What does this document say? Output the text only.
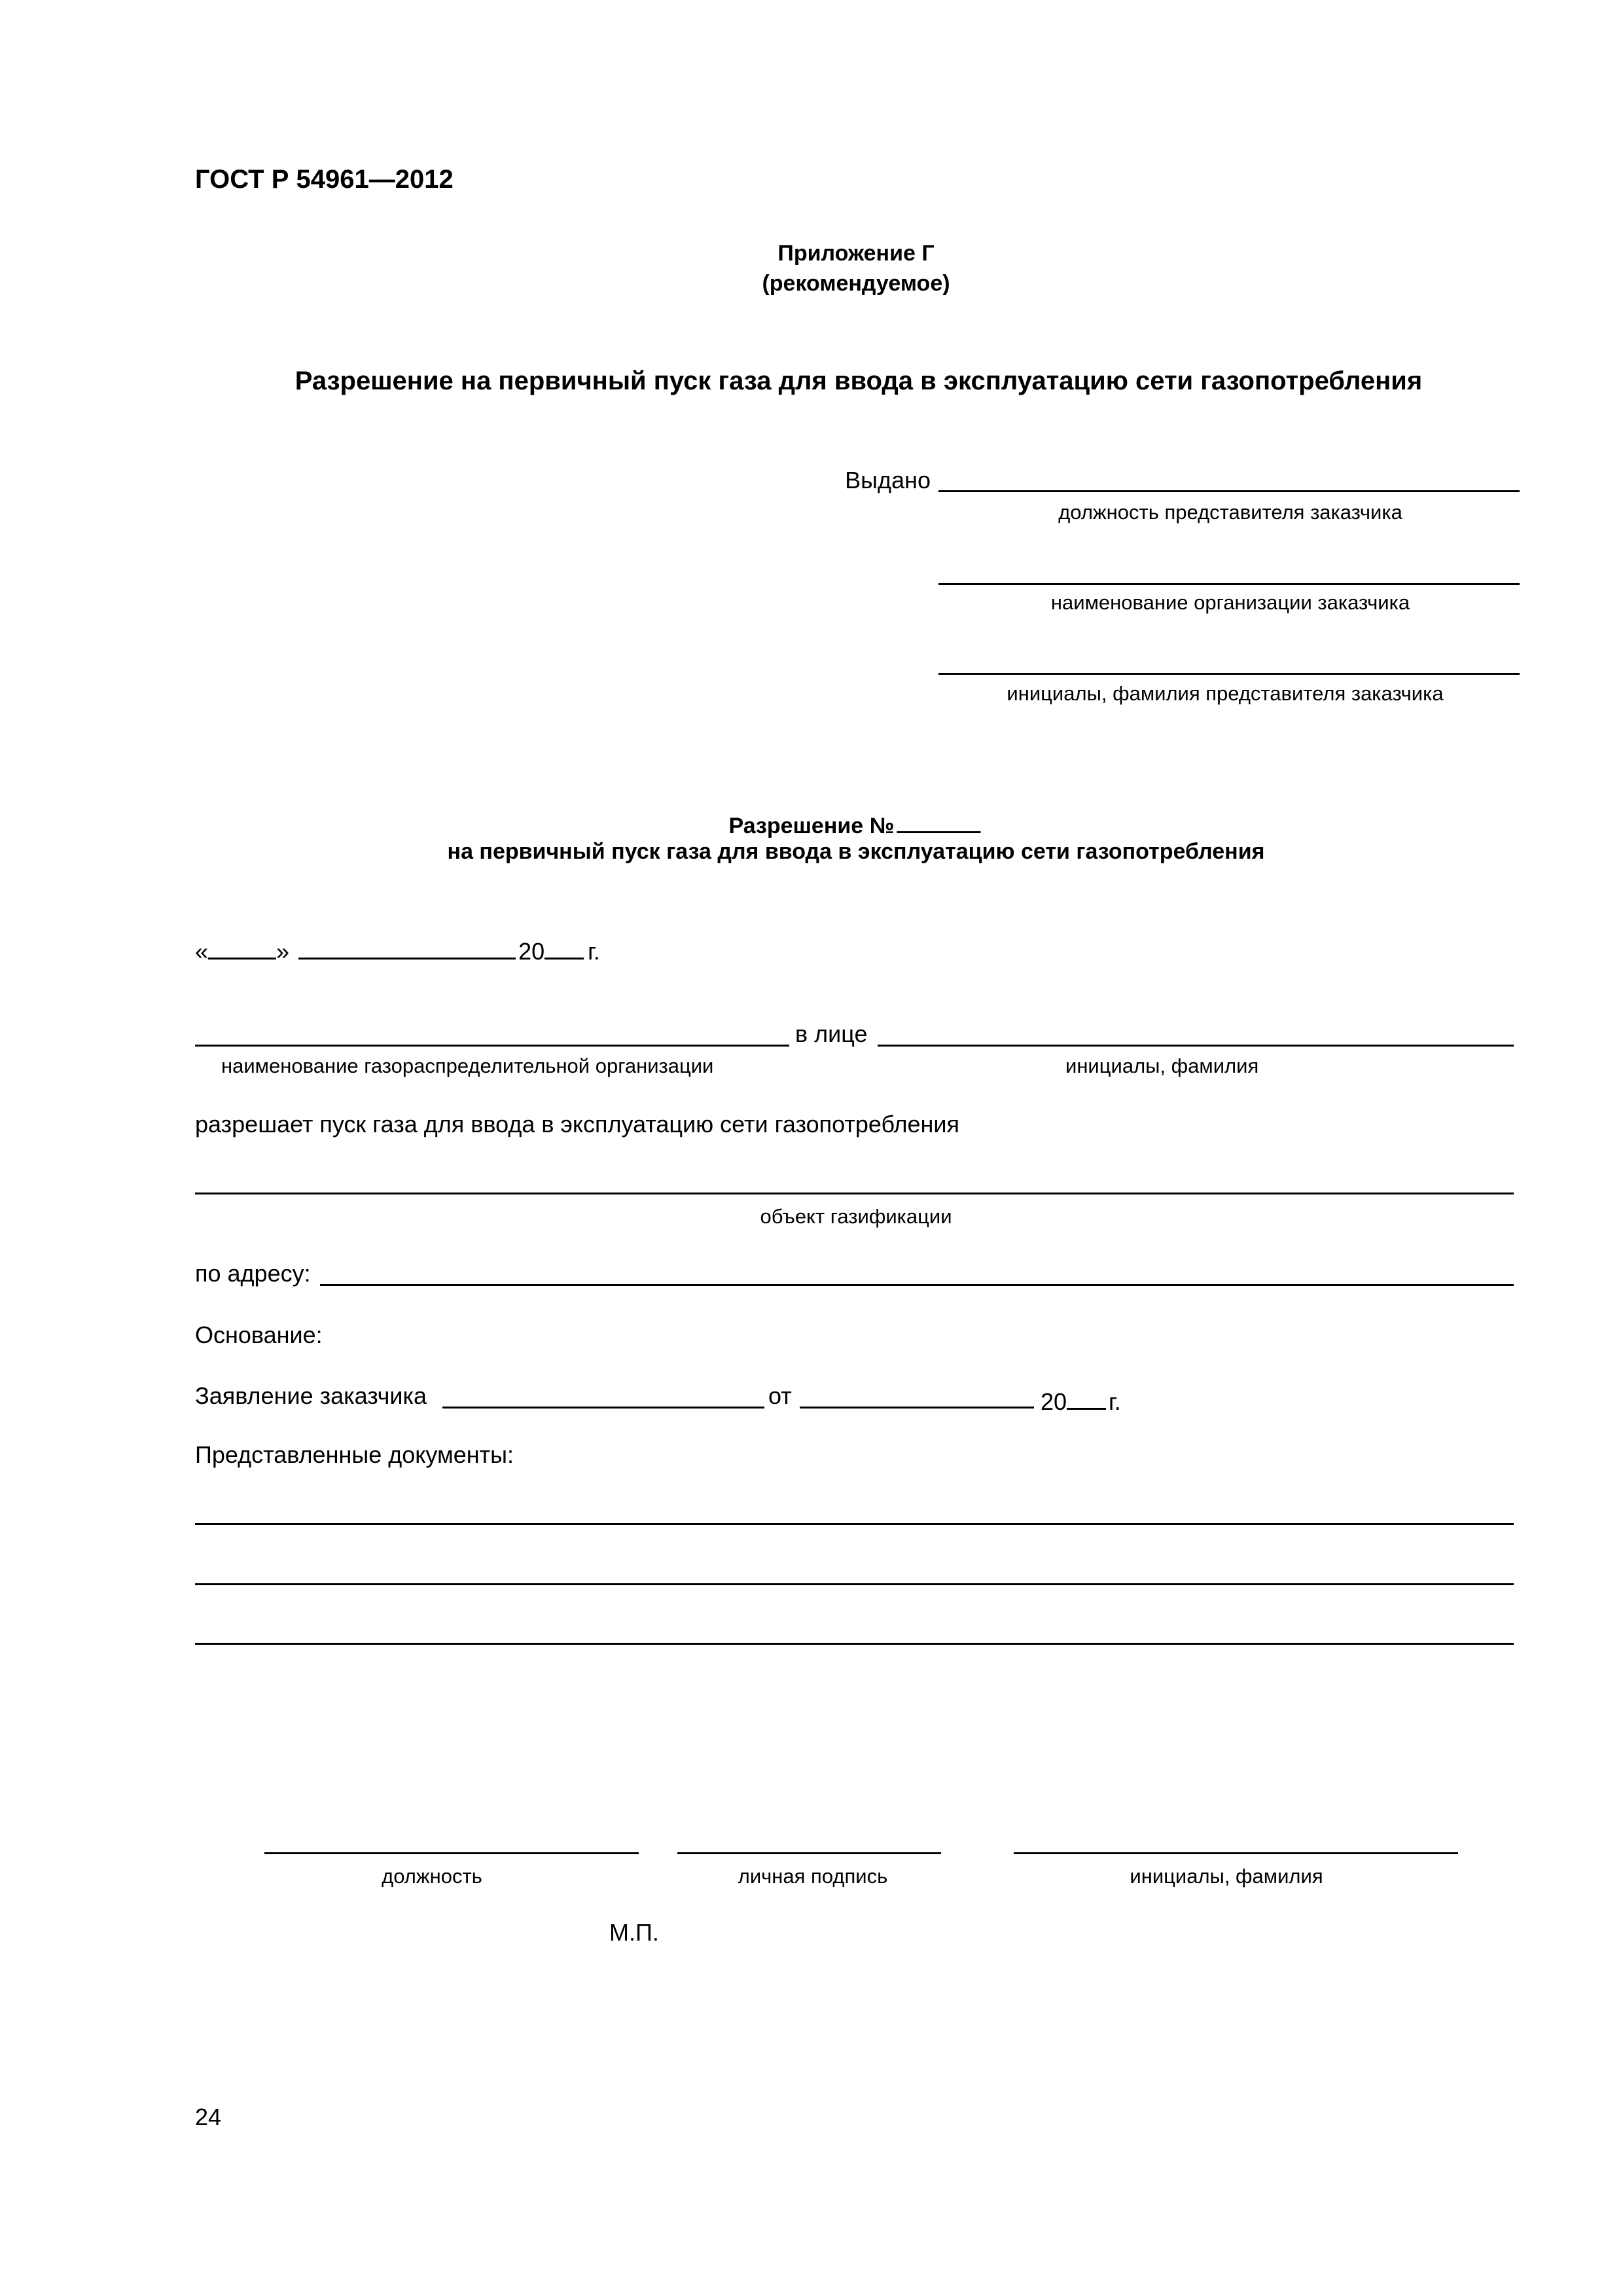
ГОСТ Р 54961—2012
Приложение Г
(рекомендуемое)
Разрешение на первичный пуск газа для ввода в эксплуатацию сети газопотребления
Выдано
должность представителя заказчика
наименование организации заказчика
инициалы, фамилия представителя заказчика
Разрешение №
на первичный пуск газа для ввода в эксплуатацию сети газопотребления
«	»	20 г.
в лице
наименование газораспределительной организации	инициалы, фамилия
разрешает пуск газа для ввода в эксплуатацию сети газопотребления
объект газификации
по адресу:
Основание:
Заявление заказчика	от	20 г.
Представленные документы:
должность	личная подпись	инициалы, фамилия
М.П.
24
